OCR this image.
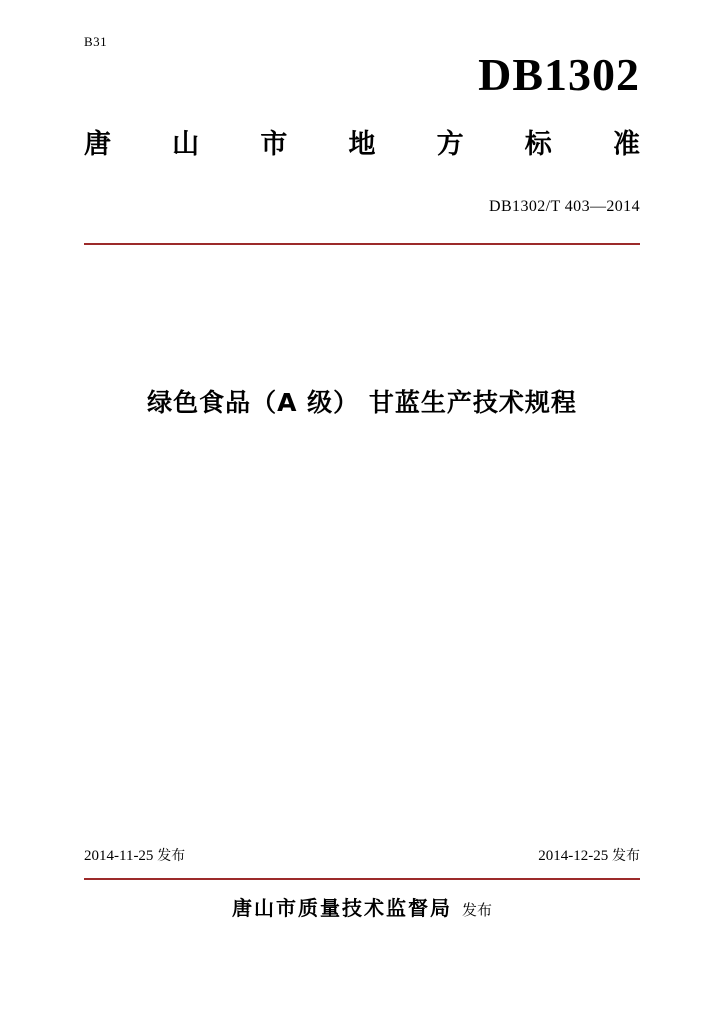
B31
DB1302
唐 山 市 地 方 标 准
DB1302/T 403—2014
绿色食品（A 级） 甘蓝生产技术规程
2014-11-25 发布	2014-12-25 发布
唐山市质量技术监督局 发布
